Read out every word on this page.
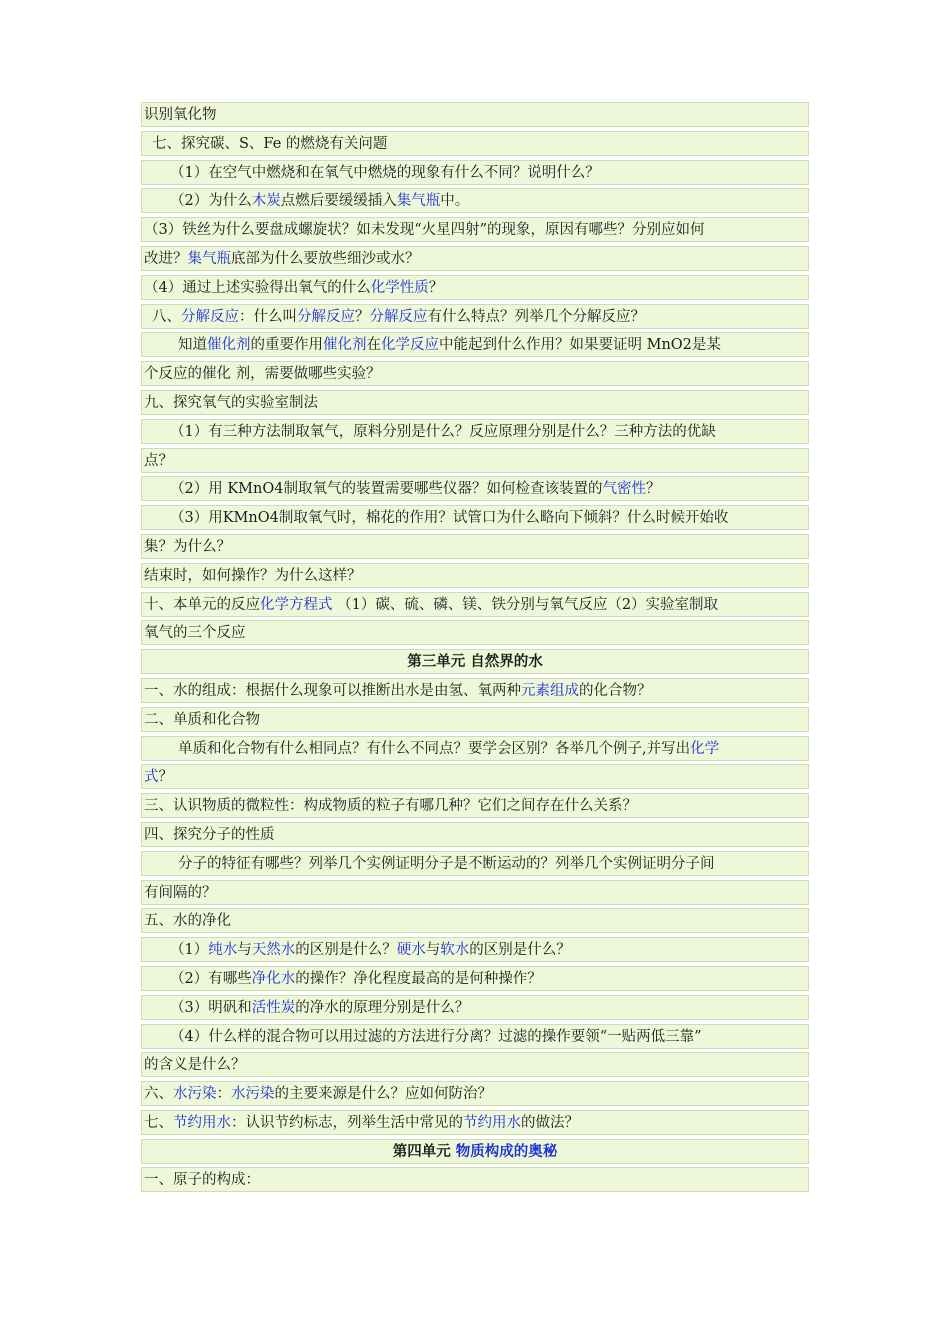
识别氧化物
七、探究碳、S、Fe 的燃烧有关问题
（1）在空气中燃烧和在氧气中燃烧的现象有什么不同？说明什么？
（2）为什么木炭点燃后要缓缓插入集气瓶中。
（3）铁丝为什么要盘成螺旋状？如未发现“火星四射”的现象，原因有哪些？分别应如何
改进？集气瓶底部为什么要放些细沙或水？
（4）通过上述实验得出氧气的什么化学性质？
八、分解反应：什么叫分解反应？分解反应有什么特点？列举几个分解反应？
知道催化剂的重要作用催化剂在化学反应中能起到什么作用？如果要证明 MnO2是某
个反应的催化 剂，需要做哪些实验？
九、探究氧气的实验室制法
（1）有三种方法制取氧气，原料分别是什么？反应原理分别是什么？三种方法的优缺
点？
（2）用 KMnO4制取氧气的装置需要哪些仪器？如何检查该装置的气密性？
（3）用KMnO4制取氧气时，棉花的作用？试管口为什么略向下倾斜？什么时候开始收
集？为什么？
结束时，如何操作？为什么这样？
十、本单元的反应化学方程式 （1）碳、硫、磷、镁、铁分别与氧气反应（2）实验室制取
氧气的三个反应
第三单元 自然界的水
一、水的组成：根据什么现象可以推断出水是由氢、氧两种元素组成的化合物？
二、单质和化合物
单质和化合物有什么相同点？有什么不同点？要学会区别？各举几个例子,并写出化学
式？
三、认识物质的微粒性：构成物质的粒子有哪几种？它们之间存在什么关系？
四、探究分子的性质
分子的特征有哪些？列举几个实例证明分子是不断运动的？列举几个实例证明分子间
有间隔的？
五、水的净化
（1）纯水与天然水的区别是什么？硬水与软水的区别是什么？
（2）有哪些净化水的操作？净化程度最高的是何种操作？
（3）明矾和活性炭的净水的原理分别是什么？
（4）什么样的混合物可以用过滤的方法进行分离？过滤的操作要领“一贴两低三靠”
的含义是什么？
六、水污染：水污染的主要来源是什么？应如何防治？
七、节约用水：认识节约标志，列举生活中常见的节约用水的做法？
第四单元 物质构成的奥秘
一、原子的构成：
